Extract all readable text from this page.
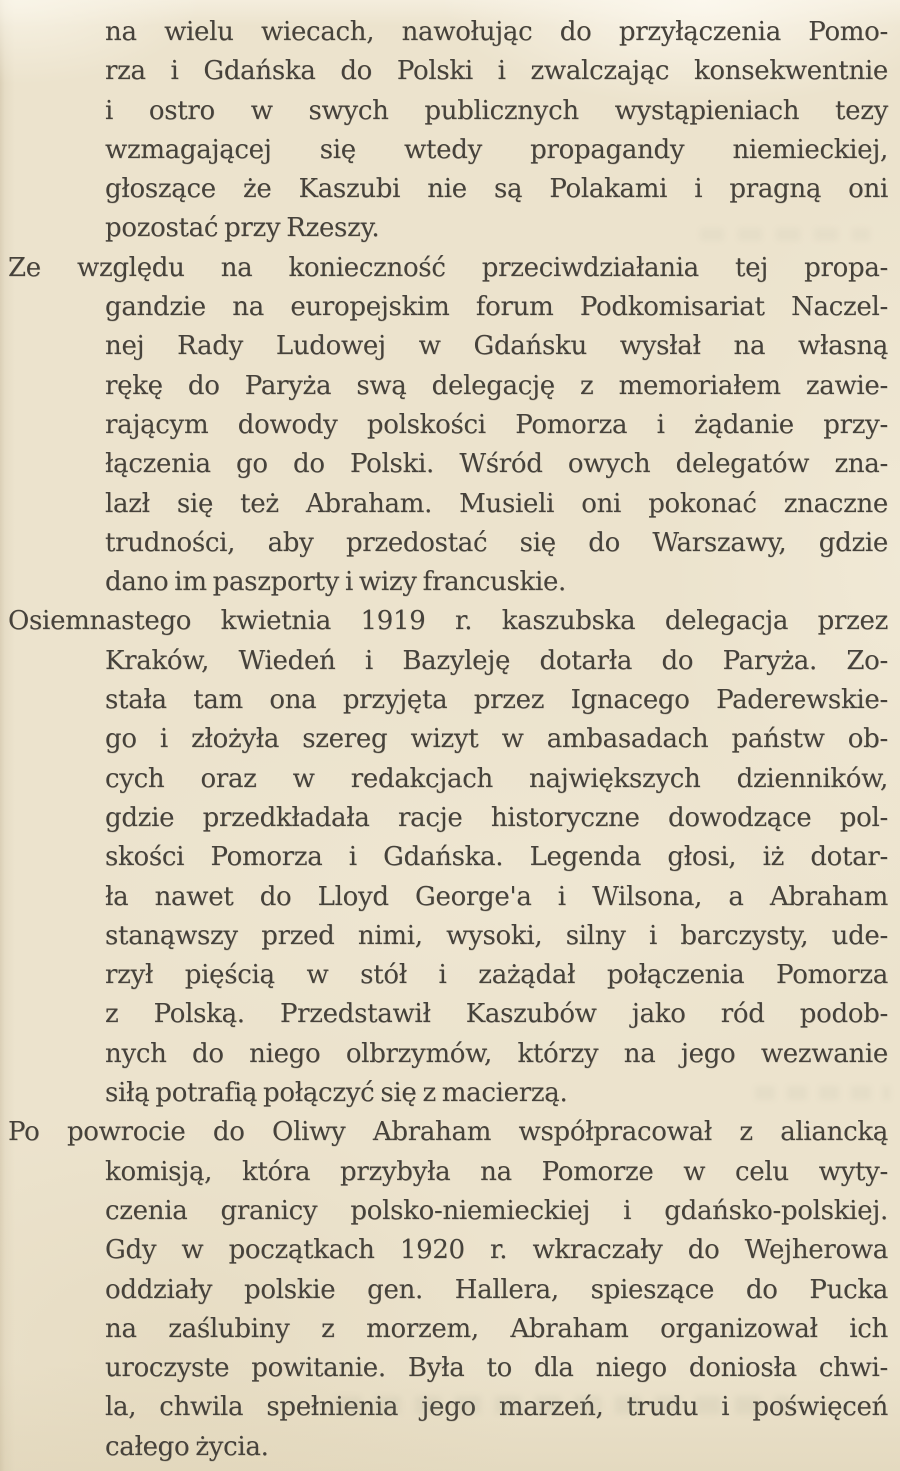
na wielu wiecach, nawołując do przyłączenia Pomo-
rza i Gdańska do Polski i zwalczając konsekwentnie
i ostro w swych publicznych wystąpieniach tezy
wzmagającej się wtedy propagandy niemieckiej,
głoszące że Kaszubi nie są Polakami i pragną oni
pozostać przy Rzeszy.
Ze względu na konieczność przeciwdziałania tej propa-
gandzie na europejskim forum Podkomisariat Naczel-
nej Rady Ludowej w Gdańsku wysłał na własną
rękę do Paryża swą delegację z memoriałem zawie-
rającym dowody polskości Pomorza i żądanie przy-
łączenia go do Polski. Wśród owych delegatów zna-
lazł się też Abraham. Musieli oni pokonać znaczne
trudności, aby przedostać się do Warszawy, gdzie
dano im paszporty i wizy francuskie.
Osiemnastego kwietnia 1919 r. kaszubska delegacja przez
Kraków, Wiedeń i Bazyleję dotarła do Paryża. Zo-
stała tam ona przyjęta przez Ignacego Paderewskie-
go i złożyła szereg wizyt w ambasadach państw ob-
cych oraz w redakcjach największych dzienników,
gdzie przedkładała racje historyczne dowodzące pol-
skości Pomorza i Gdańska. Legenda głosi, iż dotar-
ła nawet do Lloyd George'a i Wilsona, a Abraham
stanąwszy przed nimi, wysoki, silny i barczysty, ude-
rzył pięścią w stół i zażądał połączenia Pomorza
z Polską. Przedstawił Kaszubów jako ród podob-
nych do niego olbrzymów, którzy na jego wezwanie
siłą potrafią połączyć się z macierzą.
Po powrocie do Oliwy Abraham współpracował z aliancką
komisją, która przybyła na Pomorze w celu wyty-
czenia granicy polsko-niemieckiej i gdańsko-polskiej.
Gdy w początkach 1920 r. wkraczały do Wejherowa
oddziały polskie gen. Hallera, spieszące do Pucka
na zaślubiny z morzem, Abraham organizował ich
uroczyste powitanie. Była to dla niego doniosła chwi-
la, chwila spełnienia jego marzeń, trudu i poświęceń
całego życia.
